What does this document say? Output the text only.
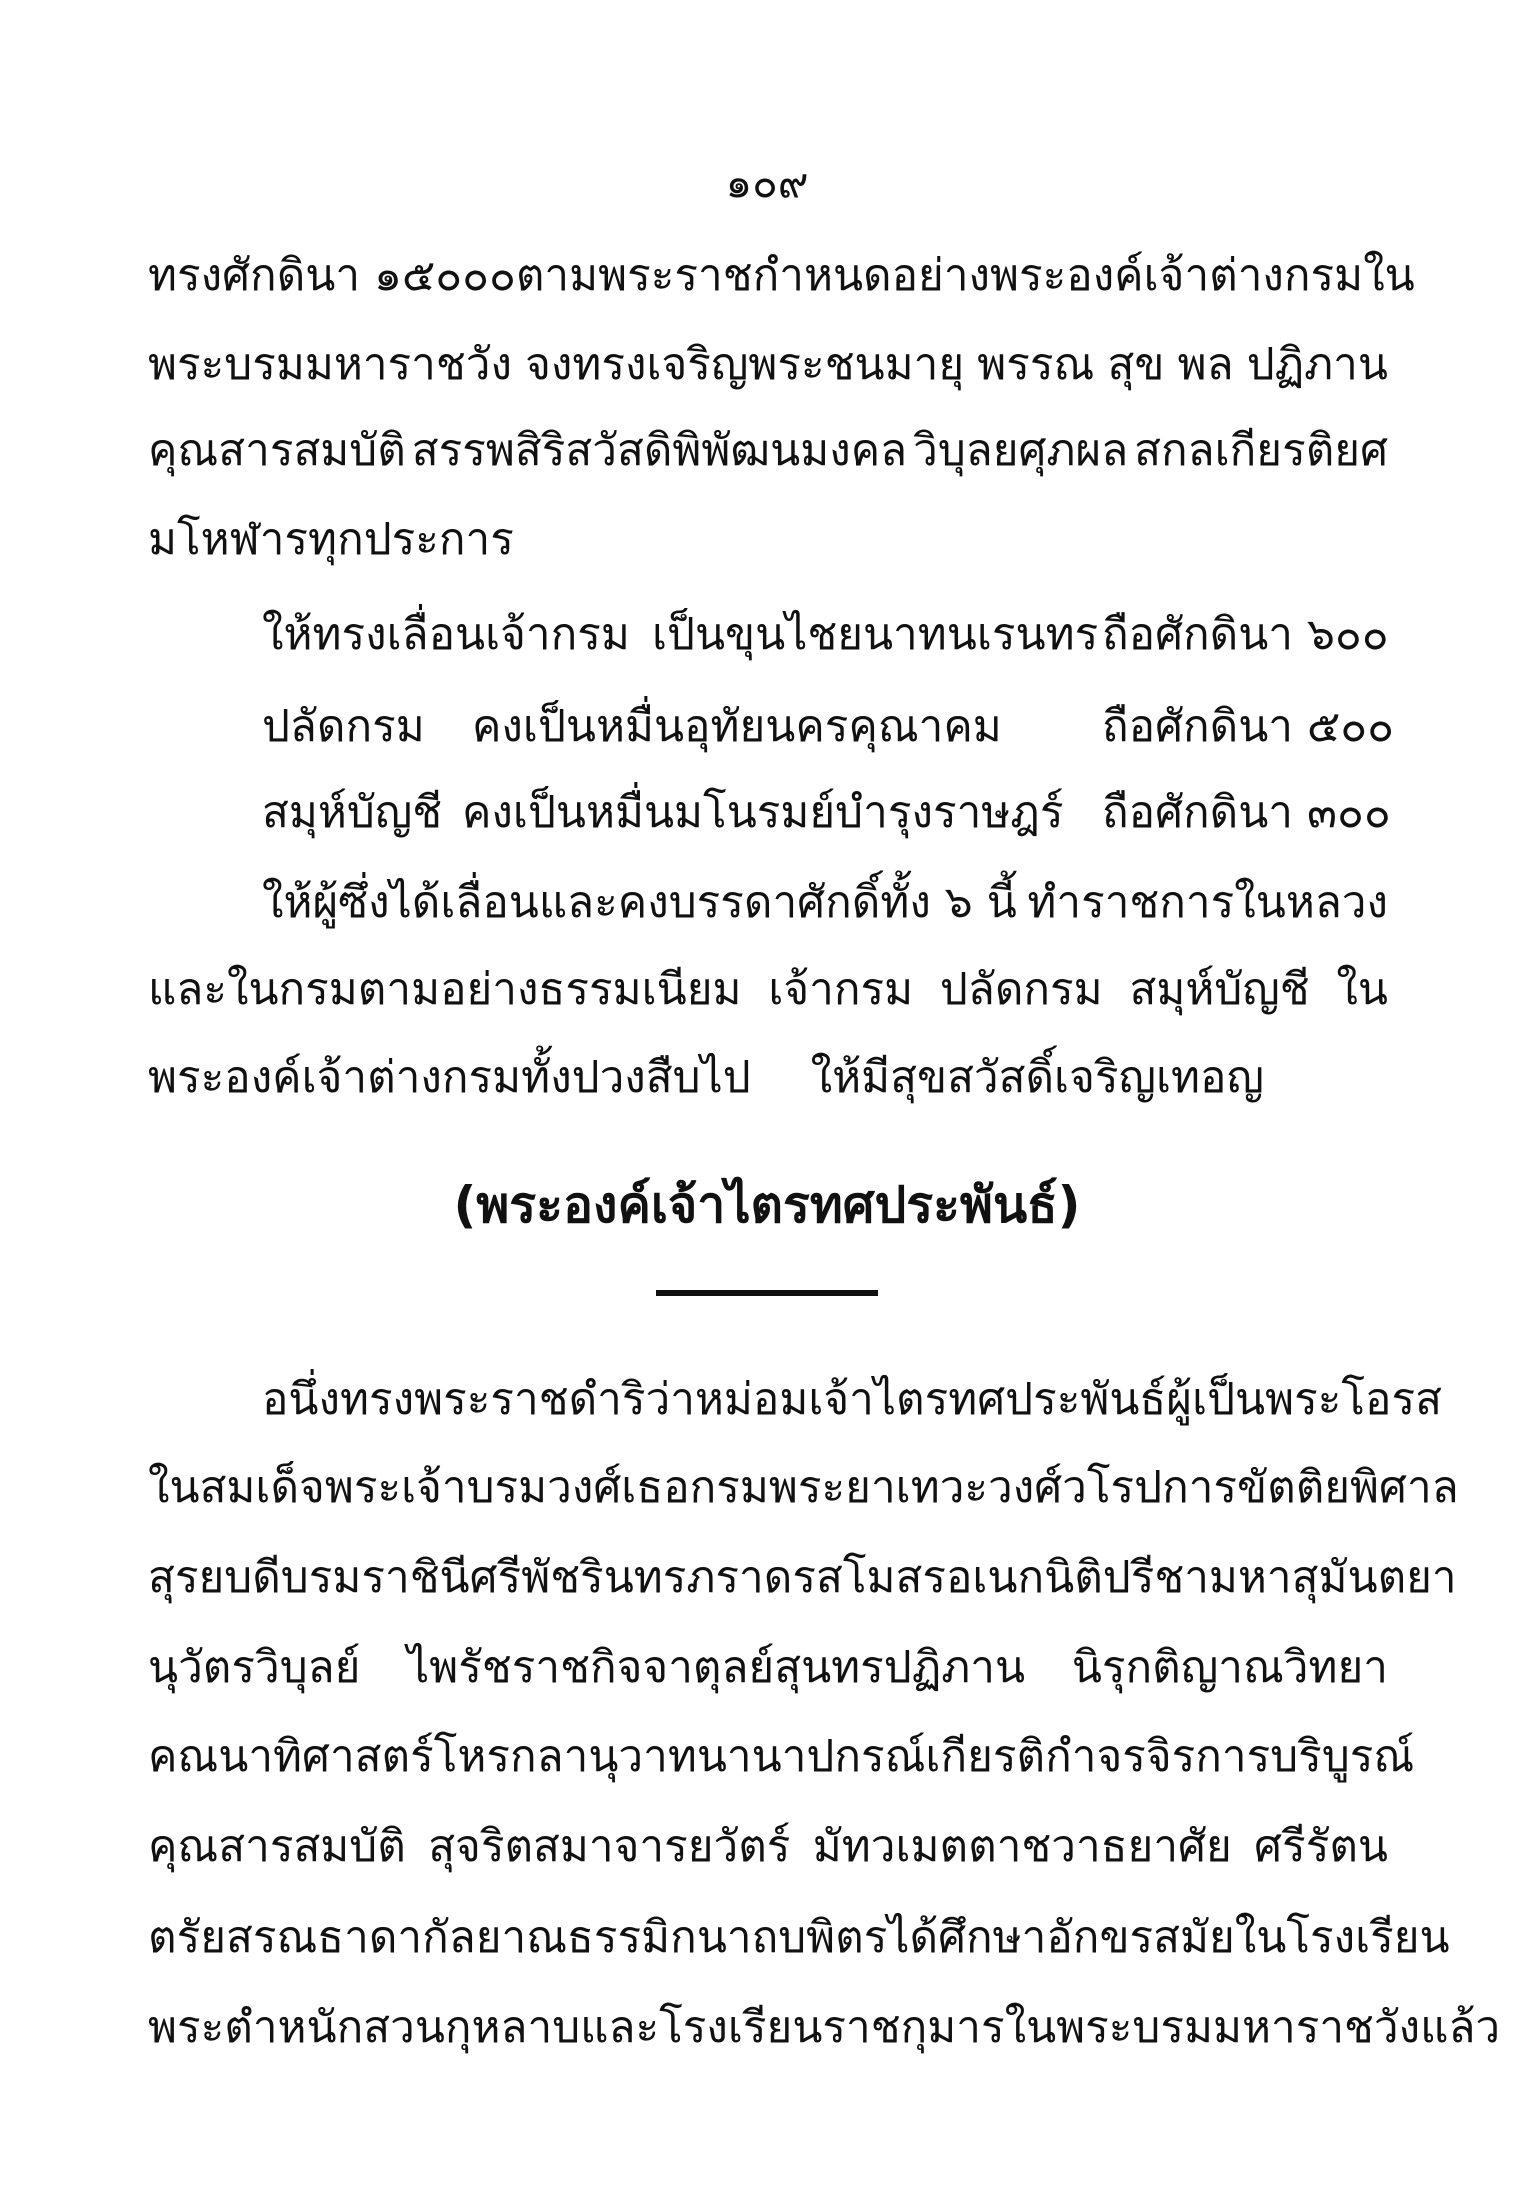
๑๐๙
ทรงศักดินา ๑๕๐๐๐ ตามพระราชกำหนดอย่างพระองค์เจ้าต่างกรมใน
พระบรมมหาราชวัง จงทรงเจริญพระชนมายุ พรรณ สุข พล ปฏิภาน
คุณสารสมบัติ สรรพสิริสวัสดิพิพัฒนมงคล วิบุลยศุภผล สกลเกียรติยศ
มโหฬารทุกประการ
ให้ทรงเลื่อนเจ้ากรม เป็นขุนไชยนาทนเรนทร ถือศักดินา ๖๐๐
ปลัดกรม คงเป็นหมื่นอุทัยนครคุณาคม ถือศักดินา ๕๐๐
สมุห์บัญชี คงเป็นหมื่นมโนรมย์บำรุงราษฎร์ ถือศักดินา ๓๐๐
ให้ผู้ซึ่งได้เลื่อนและคงบรรดาศักดิ์ทั้ง ๖ นี้ ทำราชการในหลวง
และในกรมตามอย่างธรรมเนียม เจ้ากรม ปลัดกรม สมุห์บัญชี ใน
พระองค์เจ้าต่างกรมทั้งปวงสืบไป ให้มีสุขสวัสดิ์เจริญเทอญ
(พระองค์เจ้าไตรทศประพันธ์)
อนึ่งทรงพระราชดำริว่า หม่อมเจ้าไตรทศประพันธ์ผู้เป็นพระโอรส
ในสมเด็จพระเจ้าบรมวงศ์เธอ กรมพระยาเทวะวงศ์วโรปการ ขัตติยพิศาล
สุรยบดี บรมราชินีศรีพัชรินทรภราดร สโมสรอเนกนิติปรีชา มหาสุมันตยา
นุวัตรวิบุลย์ ไพรัชราชกิจจาตุลย์สุนทรปฏิภาน นิรุกติญาณวิทยา
คณนาทิศาสตร์ โหรกลานุวาทนานาปกรณ์ เกียรติกำจรจิรการ บริบูรณ์
คุณสารสมบัติ สุจริตสมาจารยวัตร์ มัทวเมตตาชวาธยาศัย ศรีรัตน
ตรัยสรณธาดา กัลยาณธรรมิกนาถบพิตร ได้ศึกษาอักขรสมัยในโรงเรียน
พระตำหนักสวนกุหลาบและโรงเรียนราชกุมารในพระบรมมหาราชวัง แล้ว
